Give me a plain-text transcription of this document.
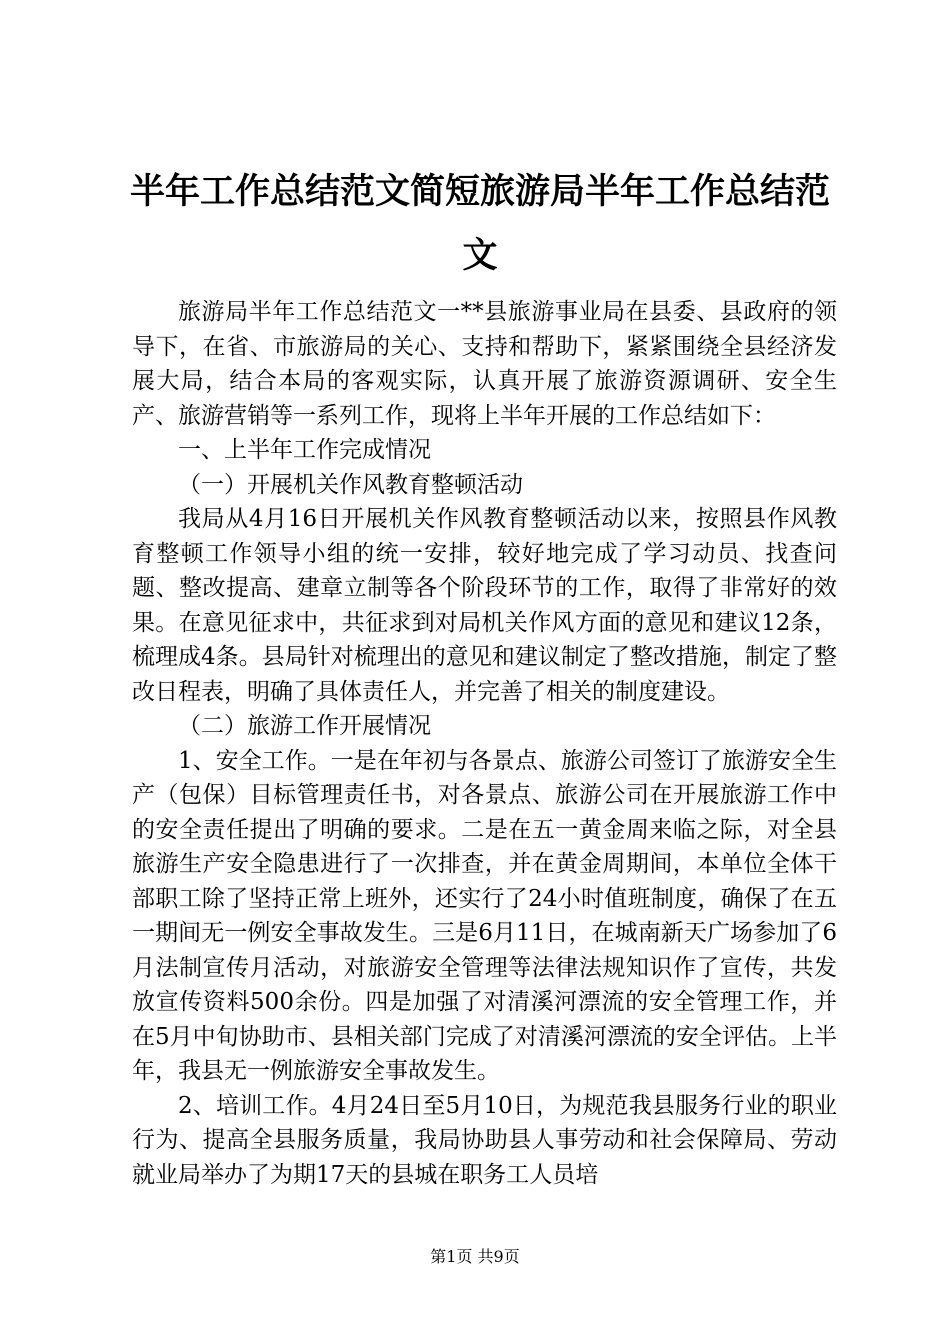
半年工作总结范文简短旅游局半年工作总结范文

旅游局半年工作总结范文一**县旅游事业局在县委、县政府的领导下，在省、市旅游局的关心、支持和帮助下，紧紧围绕全县经济发展大局，结合本局的客观实际，认真开展了旅游资源调研、安全生产、旅游营销等一系列工作，现将上半年开展的工作总结如下：

一、上半年工作完成情况

（一）开展机关作风教育整顿活动

我局从4月16日开展机关作风教育整顿活动以来，按照县作风教育整顿工作领导小组的统一安排，较好地完成了学习动员、找查问题、整改提高、建章立制等各个阶段环节的工作，取得了非常好的效果。在意见征求中，共征求到对局机关作风方面的意见和建议12条，梳理成4条。县局针对梳理出的意见和建议制定了整改措施，制定了整改日程表，明确了具体责任人，并完善了相关的制度建设。

（二）旅游工作开展情况

1、安全工作。一是在年初与各景点、旅游公司签订了旅游安全生产（包保）目标管理责任书，对各景点、旅游公司在开展旅游工作中的安全责任提出了明确的要求。二是在五一黄金周来临之际，对全县旅游生产安全隐患进行了一次排查，并在黄金周期间，本单位全体干部职工除了坚持正常上班外，还实行了24小时值班制度，确保了在五一期间无一例安全事故发生。三是6月11日，在城南新天广场参加了6月法制宣传月活动，对旅游安全管理等法律法规知识作了宣传，共发放宣传资料500余份。四是加强了对清溪河漂流的安全管理工作，并在5月中旬协助市、县相关部门完成了对清溪河漂流的安全评估。上半年，我县无一例旅游安全事故发生。

2、培训工作。4月24日至5月10日，为规范我县服务行业的职业行为、提高全县服务质量，我局协助县人事劳动和社会保障局、劳动就业局举办了为期17天的县城在职务工人员培

第1页 共9页
